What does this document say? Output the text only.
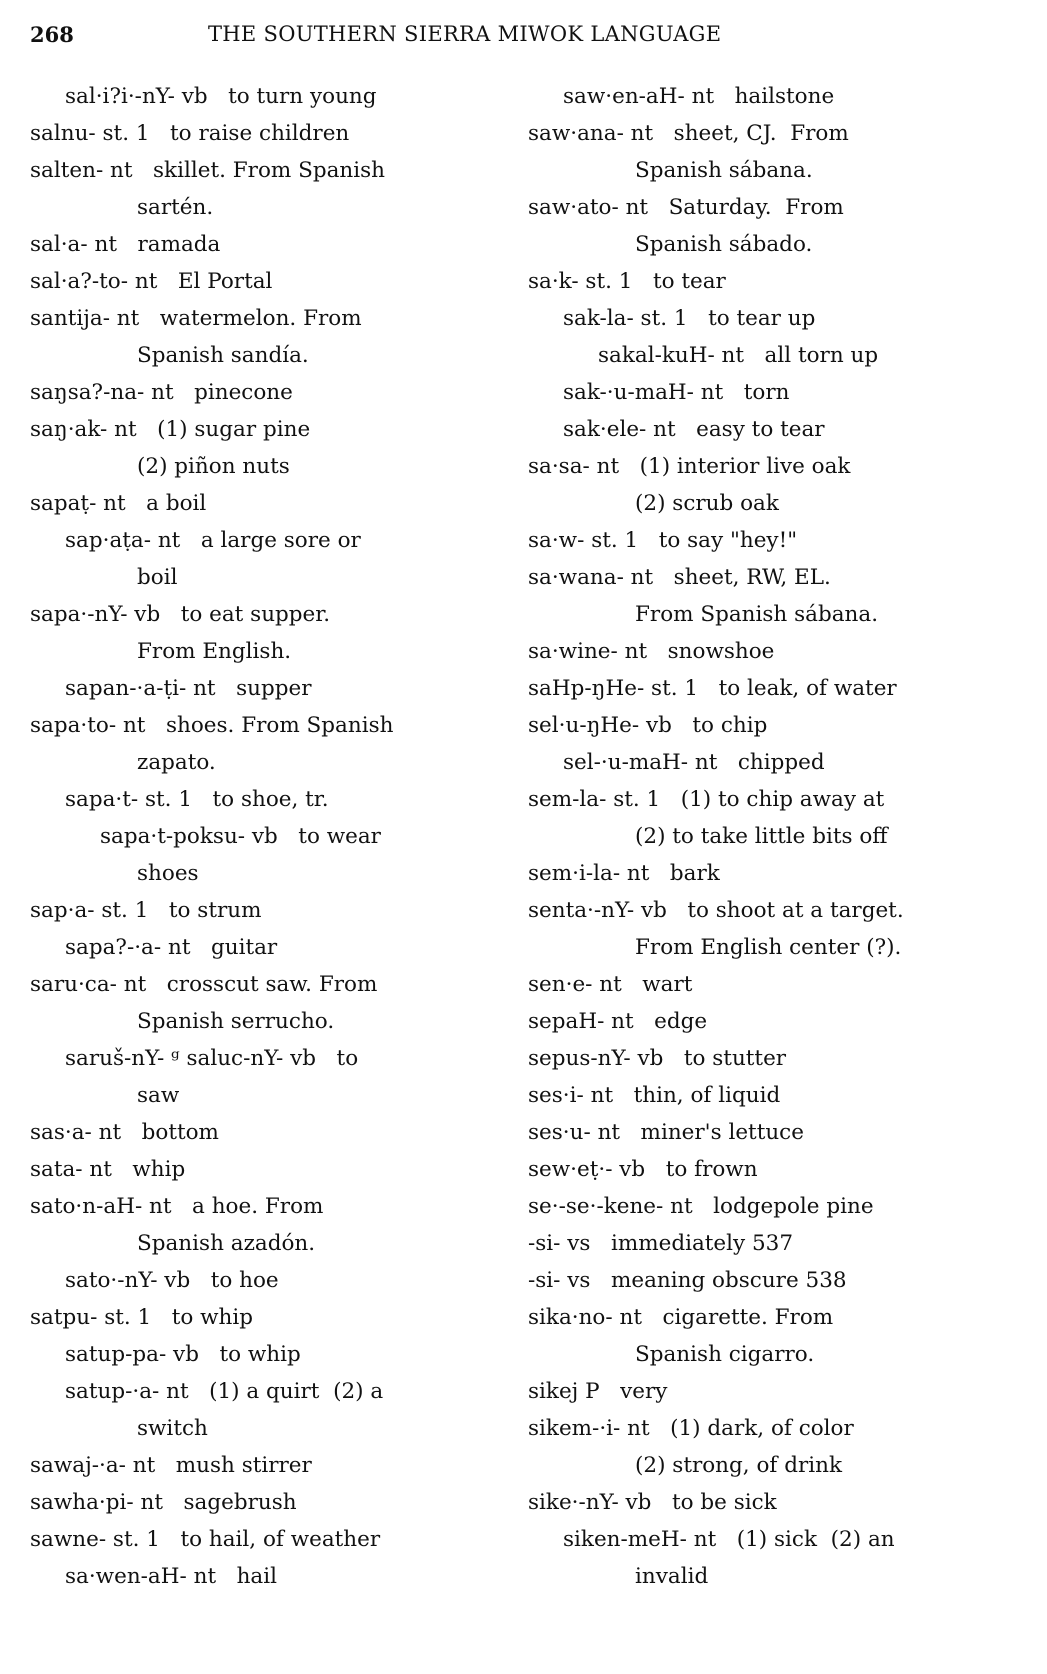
268	THE SOUTHERN SIERRA MIWOK LANGUAGE
sal·i?i·-nY- vb   to turn young
salnu- st. 1   to raise children
salten- nt   skillet. From Spanish
sartén.
sal·a- nt   ramada
sal·a?-to- nt   El Portal
santija- nt   watermelon. From
Spanish sandía.
saŋsa?-na- nt   pinecone
saŋ·ak- nt   (1) sugar pine
(2) piñon nuts
sapaṭ- nt   a boil
sap·aṭa- nt   a large sore or
boil
sapa·-nY- vb   to eat supper.
From English.
sapan-·a-ṭi- nt   supper
sapa·to- nt   shoes. From Spanish
zapato.
sapa·t- st. 1   to shoe, tr.
sapa·t-poksu- vb   to wear
shoes
sap·a- st. 1   to strum
sapa?-·a- nt   guitar
saru·ca- nt   crosscut saw. From
Spanish serrucho.
saruš-nY- ᵍ saluc-nY- vb   to
saw
sas·a- nt   bottom
sata- nt   whip
sato·n-aH- nt   a hoe. From
Spanish azadón.
sato·-nY- vb   to hoe
satpu- st. 1   to whip
satup-pa- vb   to whip
satup-·a- nt   (1) a quirt  (2) a
switch
sawaj-·a- nt   mush stirrer
sawha·pi- nt   sagebrush
sawne- st. 1   to hail, of weather
sa·wen-aH- nt   hail
saw·en-aH- nt   hailstone
saw·ana- nt   sheet, CJ.  From
Spanish sábana.
saw·ato- nt   Saturday.  From
Spanish sábado.
sa·k- st. 1   to tear
sak-la- st. 1   to tear up
sakal-kuH- nt   all torn up
sak-·u-maH- nt   torn
sak·ele- nt   easy to tear
sa·sa- nt   (1) interior live oak
(2) scrub oak
sa·w- st. 1   to say "hey!"
sa·wana- nt   sheet, RW, EL.
From Spanish sábana.
sa·wine- nt   snowshoe
saHp-ŋHe- st. 1   to leak, of water
sel·u-ŋHe- vb   to chip
sel-·u-maH- nt   chipped
sem-la- st. 1   (1) to chip away at
(2) to take little bits off
sem·i-la- nt   bark
senta·-nY- vb   to shoot at a target.
From English center (?).
sen·e- nt   wart
sepaH- nt   edge
sepus-nY- vb   to stutter
ses·i- nt   thin, of liquid
ses·u- nt   miner's lettuce
sew·eṭ·- vb   to frown
se·-se·-kene- nt   lodgepole pine
-si- vs   immediately 537
-si- vs   meaning obscure 538
sika·no- nt   cigarette. From
Spanish cigarro.
sikej P   very
sikem-·i- nt   (1) dark, of color
(2) strong, of drink
sike·-nY- vb   to be sick
siken-meH- nt   (1) sick  (2) an
invalid
